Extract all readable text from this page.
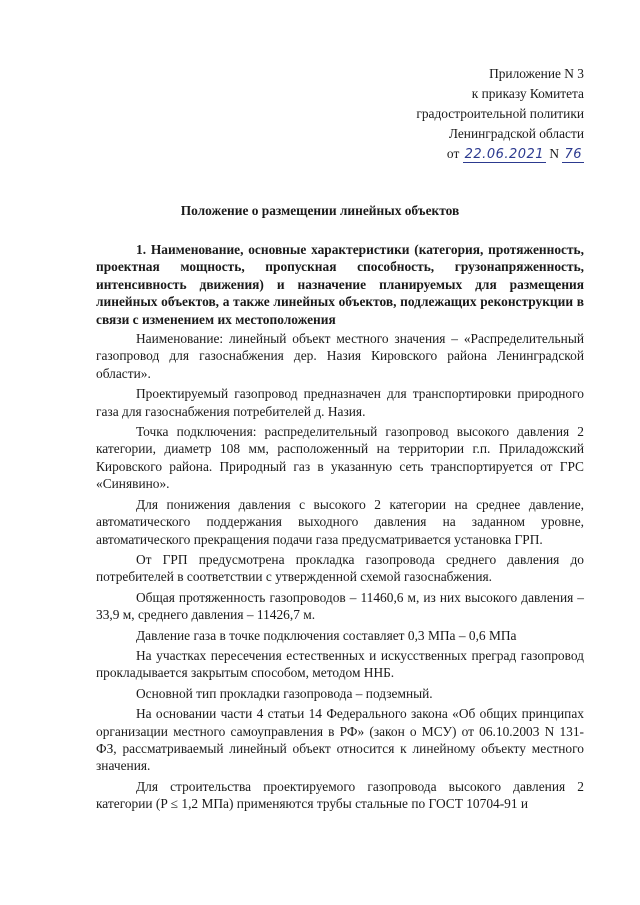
Приложение N 3
к приказу Комитета
градостроительной политики
Ленинградской области
от 22.06.2021 N 76
Положение о размещении линейных объектов

1. Наименование, основные характеристики (категория, протяженность, проектная мощность, пропускная способность, грузонапряженность, интенсивность движения) и назначение планируемых для размещения линейных объектов, а также линейных объектов, подлежащих реконструкции в связи с изменением их местоположения

Наименование: линейный объект местного значения – «Распределительный газопровод для газоснабжения дер. Назия Кировского района Ленинградской области».

Проектируемый газопровод предназначен для транспортировки природного газа для газоснабжения потребителей д. Назия.

Точка подключения: распределительный газопровод высокого давления 2 категории, диаметр 108 мм, расположенный на территории г.п. Приладожский Кировского района. Природный газ в указанную сеть транспортируется от ГРС «Синявино».

Для понижения давления с высокого 2 категории на среднее давление, автоматического поддержания выходного давления на заданном уровне, автоматического прекращения подачи газа предусматривается установка ГРП.

От ГРП предусмотрена прокладка газопровода среднего давления до потребителей в соответствии с утвержденной схемой газоснабжения.

Общая протяженность газопроводов – 11460,6 м, из них высокого давления – 33,9 м, среднего давления – 11426,7 м.

Давление газа в точке подключения составляет 0,3 МПа – 0,6 МПа

На участках пересечения естественных и искусственных преград газопровод прокладывается закрытым способом, методом ННБ.

Основной тип прокладки газопровода – подземный.

На основании части 4 статьи 14 Федерального закона «Об общих принципах организации местного самоуправления в РФ» (закон о МСУ) от 06.10.2003 N 131-ФЗ, рассматриваемый линейный объект относится к линейному объекту местного значения.

Для строительства проектируемого газопровода высокого давления 2 категории (P ≤ 1,2 МПа) применяются трубы стальные по ГОСТ 10704-91 и
